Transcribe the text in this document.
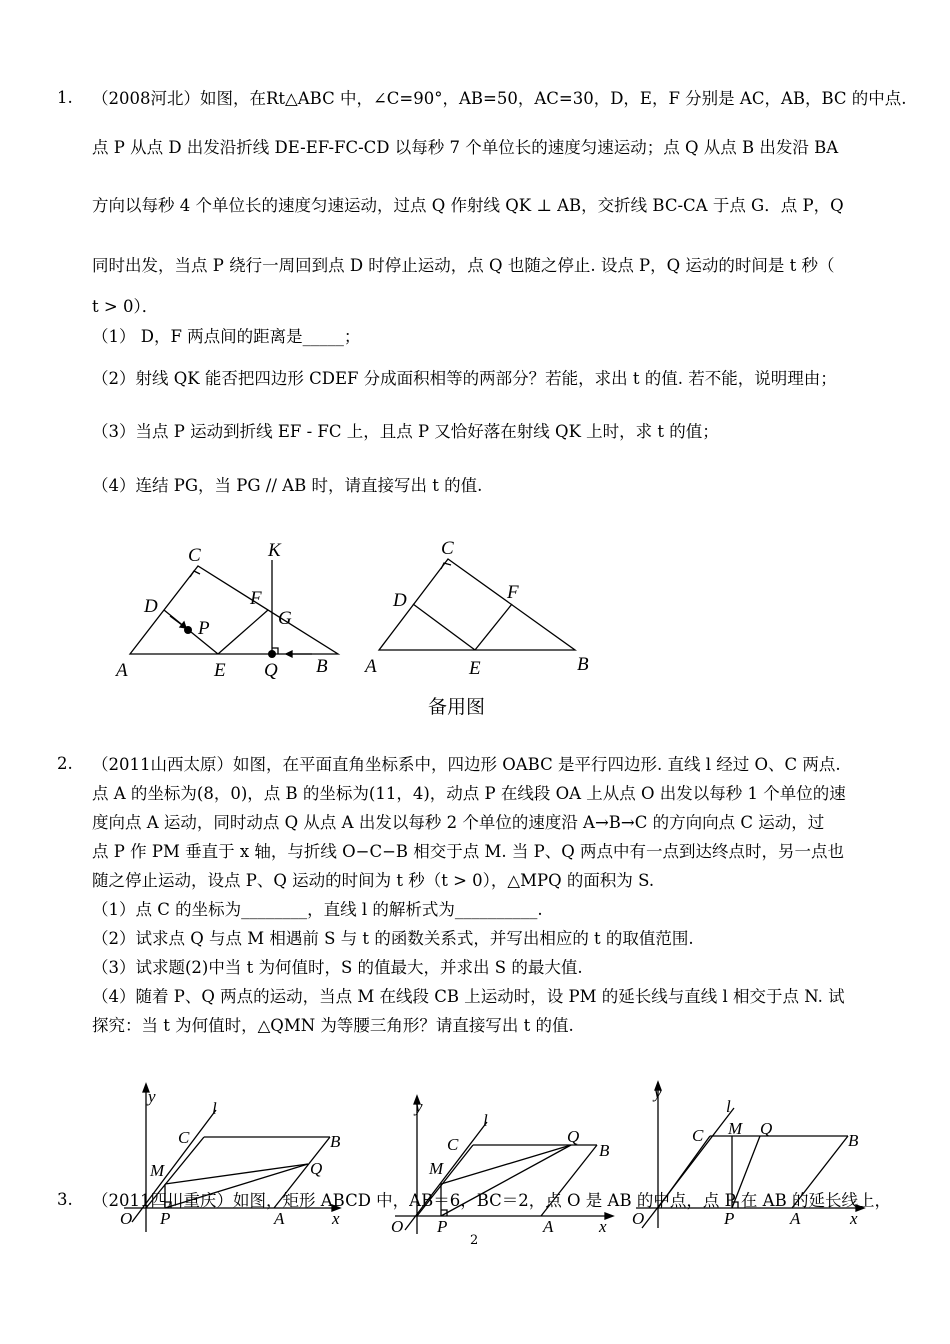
1. （2008河北）如图，在Rt△ABC 中，∠C=90°，AB=50，AC=30，D，E，F 分别是 AC，AB，BC 的中点.
点 P 从点 D 出发沿折线 DE-EF-FC-CD 以每秒 7 个单位长的速度匀速运动；点 Q 从点 B 出发沿 BA
方向以每秒 4 个单位长的速度匀速运动，过点 Q 作射线 QK ⊥ AB，交折线 BC-CA 于点 G．点 P，Q
同时出发，当点 P 绕行一周回到点 D 时停止运动，点 Q 也随之停止. 设点 P，Q 运动的时间是 t 秒（
t > 0）．
（1） D，F 两点间的距离是_____；
（2）射线 QK 能否把四边形 CDEF 分成面积相等的两部分？若能，求出 t 的值. 若不能，说明理由；
（3）当点 P 运动到折线 EF - FC 上，且点 P 又恰好落在射线 QK 上时，求 t 的值；
（4）连结 PG，当 PG // AB 时，请直接写出 t 的值.
C	K
D
P
F
G
A	E Q B
C
D	F
A	E	B
备用图
2. （2011山西太原）如图，在平面直角坐标系中，四边形 OABC 是平行四边形. 直线 l 经过 O、C 两点.
点 A 的坐标为(8，0)，点 B 的坐标为(11，4)，动点 P 在线段 OA 上从点 O 出发以每秒 1 个单位的速
度向点 A 运动，同时动点 Q 从点 A 出发以每秒 2 个单位的速度沿 A→B→C 的方向向点 C 运动，过
点 P 作 PM 垂直于 x 轴，与折线 O−C−B 相交于点 M. 当 P、Q 两点中有一点到达终点时，另一点也
随之停止运动，设点 P、Q 运动的时间为 t 秒（t > 0），△MPQ 的面积为 S.
（1）点 C 的坐标为________，直线 l 的解析式为__________.
（2）试求点 Q 与点 M 相遇前 S 与 t 的函数关系式，并写出相应的 t 的取值范围.
（3）试求题(2)中当 t 为何值时，S 的值最大，并求出 S 的最大值.
（4）随着 P、Q 两点的运动，当点 M 在线段 CB 上运动时，设 PM 的延长线与直线 l 相交于点 N. 试
探究：当 t 为何值时，△QMN 为等腰三角形？请直接写出 t 的值.
y
l
C	B
M	Q
O P	A	x
y
l
C	Q
B
M
O P	A	x
y
l
C M Q
B
O	P	A	x
3. （2011四川重庆）如图，矩形 ABCD 中，AB＝6，BC＝2，点 O 是 AB 的中点，点 P 在 AB 的延长线上，
2
